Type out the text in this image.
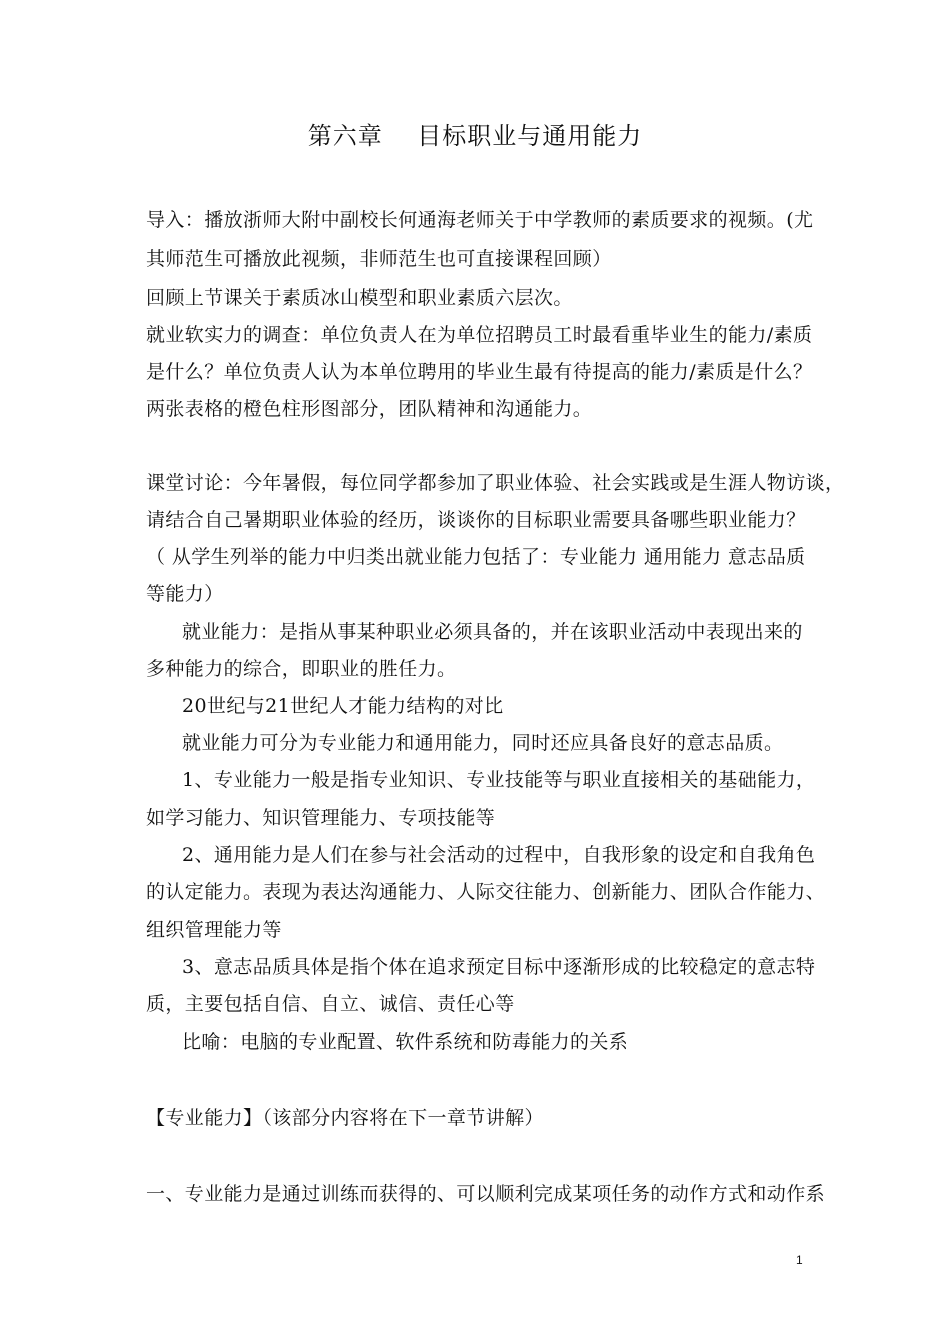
第六章    目标职业与通用能力
导入：播放浙师大附中副校长何通海老师关于中学教师的素质要求的视频。(尤
其师范生可播放此视频，非师范生也可直接课程回顾）
回顾上节课关于素质冰山模型和职业素质六层次。
就业软实力的调查：单位负责人在为单位招聘员工时最看重毕业生的能力/素质
是什么？单位负责人认为本单位聘用的毕业生最有待提高的能力/素质是什么？
两张表格的橙色柱形图部分，团队精神和沟通能力。
课堂讨论：今年暑假，每位同学都参加了职业体验、社会实践或是生涯人物访谈，
请结合自己暑期职业体验的经历，谈谈你的目标职业需要具备哪些职业能力？
（ 从学生列举的能力中归类出就业能力包括了：专业能力 通用能力 意志品质
等能力）
就业能力：是指从事某种职业必须具备的，并在该职业活动中表现出来的
多种能力的综合，即职业的胜任力。
20世纪与21世纪人才能力结构的对比
就业能力可分为专业能力和通用能力，同时还应具备良好的意志品质。
1、专业能力一般是指专业知识、专业技能等与职业直接相关的基础能力，
如学习能力、知识管理能力、专项技能等
2、通用能力是人们在参与社会活动的过程中，自我形象的设定和自我角色
的认定能力。表现为表达沟通能力、人际交往能力、创新能力、团队合作能力、
组织管理能力等
3、意志品质具体是指个体在追求预定目标中逐渐形成的比较稳定的意志特
质，主要包括自信、自立、诚信、责任心等
比喻：电脑的专业配置、软件系统和防毒能力的关系
【专业能力】（该部分内容将在下一章节讲解）
一、专业能力是通过训练而获得的、可以顺利完成某项任务的动作方式和动作系
1
